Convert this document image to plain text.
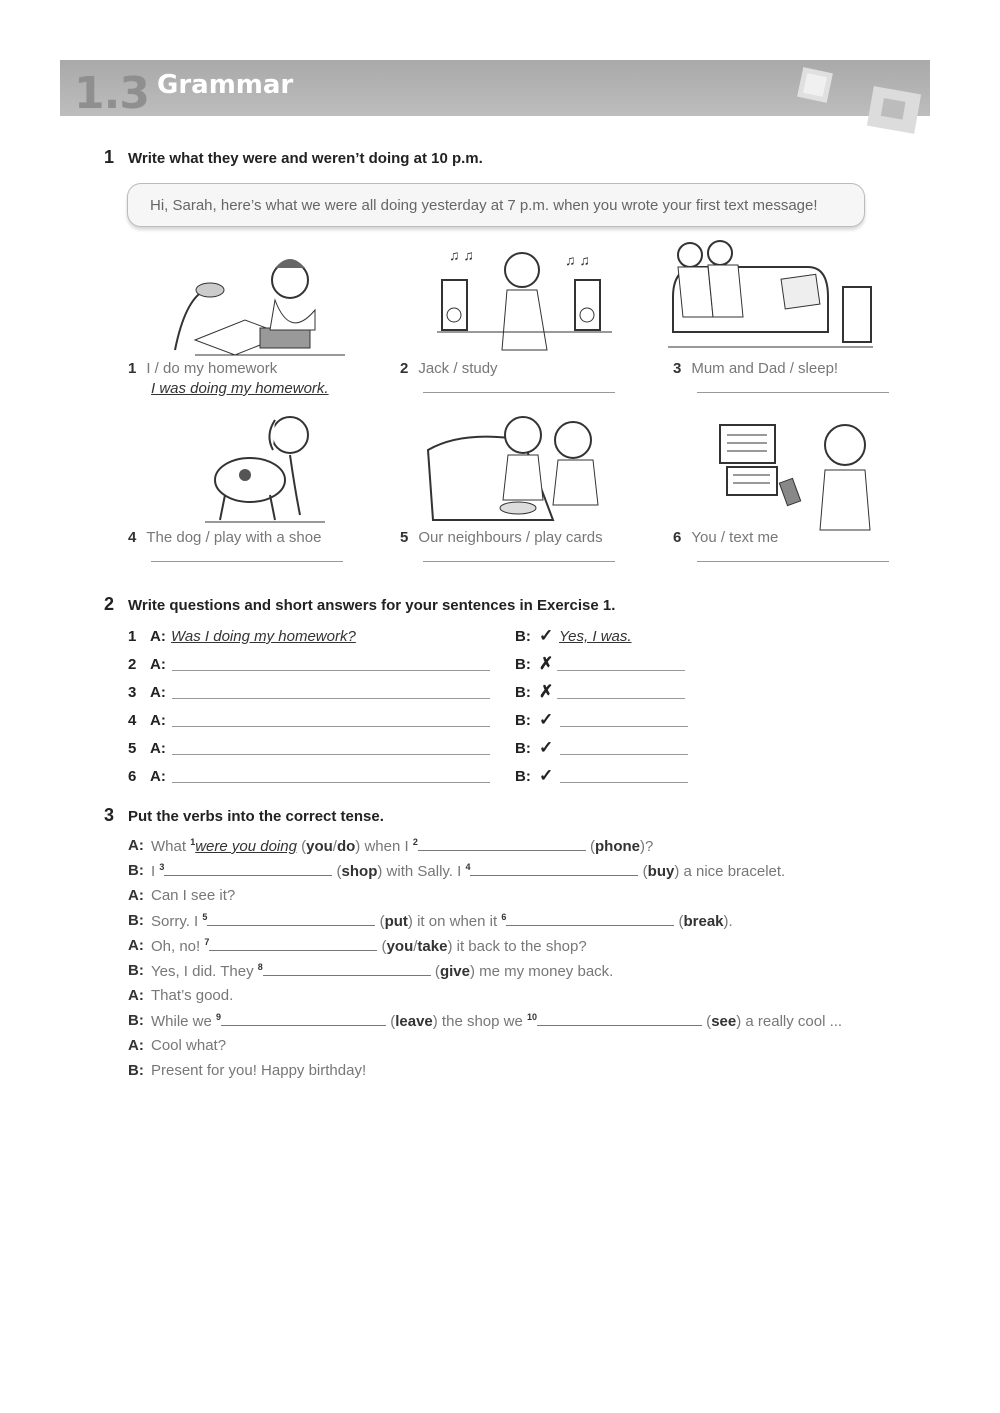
1.3 Grammar
1 Write what they were and weren’t doing at 10 p.m.
Hi, Sarah, here’s what we were all doing yesterday at 7 p.m. when you wrote your first text message!
♫ ♫	♫ ♫
1 I / do my homework
I was doing my homework.
2 Jack / study	3 Mum and Dad / sleep!
4 The dog / play with a shoe	5 Our neighbours / play cards	6 You / text me
2 Write questions and short answers for your sentences in Exercise 1.
1 A: Was I doing my homework?	B: ✓ Yes, I was.
2 A:	B: ✗
3 A:	B: ✗
4 A:	B: ✓
5 A:	B: ✓
6 A:	B: ✓
3 Put the verbs into the correct tense.
A: What $^1$were you doing (you/do) when I $^2$	(phone)?
B: I $^3$	(shop) with Sally. I $^4$	(buy) a nice bracelet.
A: Can I see it?
B: Sorry. I $^5$	(put) it on when it $^6$	(break).
A: Oh, no! $^7$	(you/take) it back to the shop?
B: Yes, I did. They $^8$	(give) me my money back.
A: That’s good.
B: While we $^9$	(leave) the shop we $^{10}$	(see) a really cool ...
A: Cool what?
B: Present for you! Happy birthday!
